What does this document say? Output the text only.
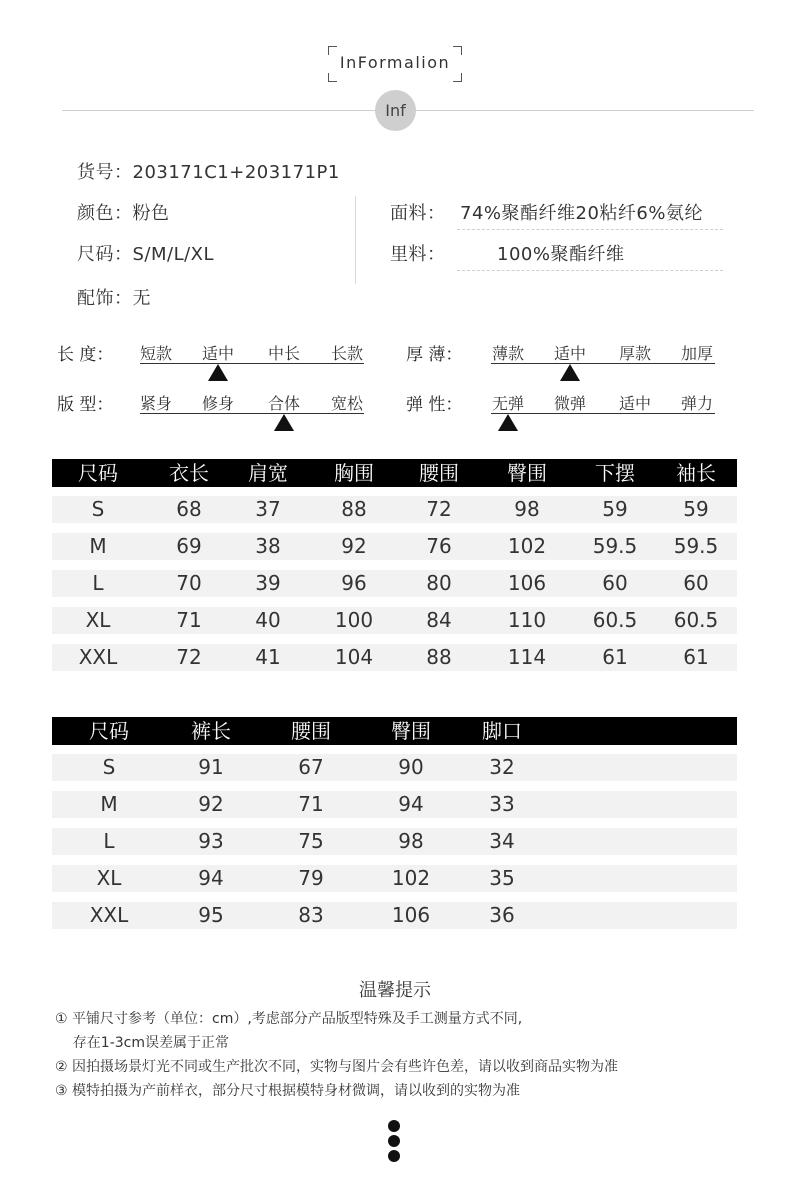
InFormalion
Inf
货号：203171C1+203171P1
颜色：粉色
尺码：S/M/L/XL
配饰：无
面料： 74%聚酯纤维20粘纤6%氨纶
里料：	100%聚酯纤维
长 度： 短款 适中 中长 长款
版 型： 紧身 修身 合体 宽松
厚 薄： 薄款 适中 厚款 加厚
弹 性： 无弹 微弹 适中 弹力
尺码	衣长 肩宽 胸围 腰围 臀围 下摆 袖长
S	68	37	88	72	98	59	59
M	69	38	92	76	102 59.5 59.5
L	70	39	96	80	106	60	60
XL	71	40	100	84	110 60.5 60.5
XXL	72	41	104	88	114	61	61
尺码	裤长	腰围	臀围	脚口
S	91	67	90	32
M	92	71	94	33
L	93	75	98	34
XL	94	79	102	35
XXL	95	83	106	36
温馨提示
① 平铺尺寸参考（单位：cm）,考虑部分产品版型特殊及手工测量方式不同,
存在1-3cm误差属于正常
② 因拍摄场景灯光不同或生产批次不同，实物与图片会有些许色差，请以收到商品实物为准
③ 模特拍摄为产前样衣，部分尺寸根据模特身材微调，请以收到的实物为准
